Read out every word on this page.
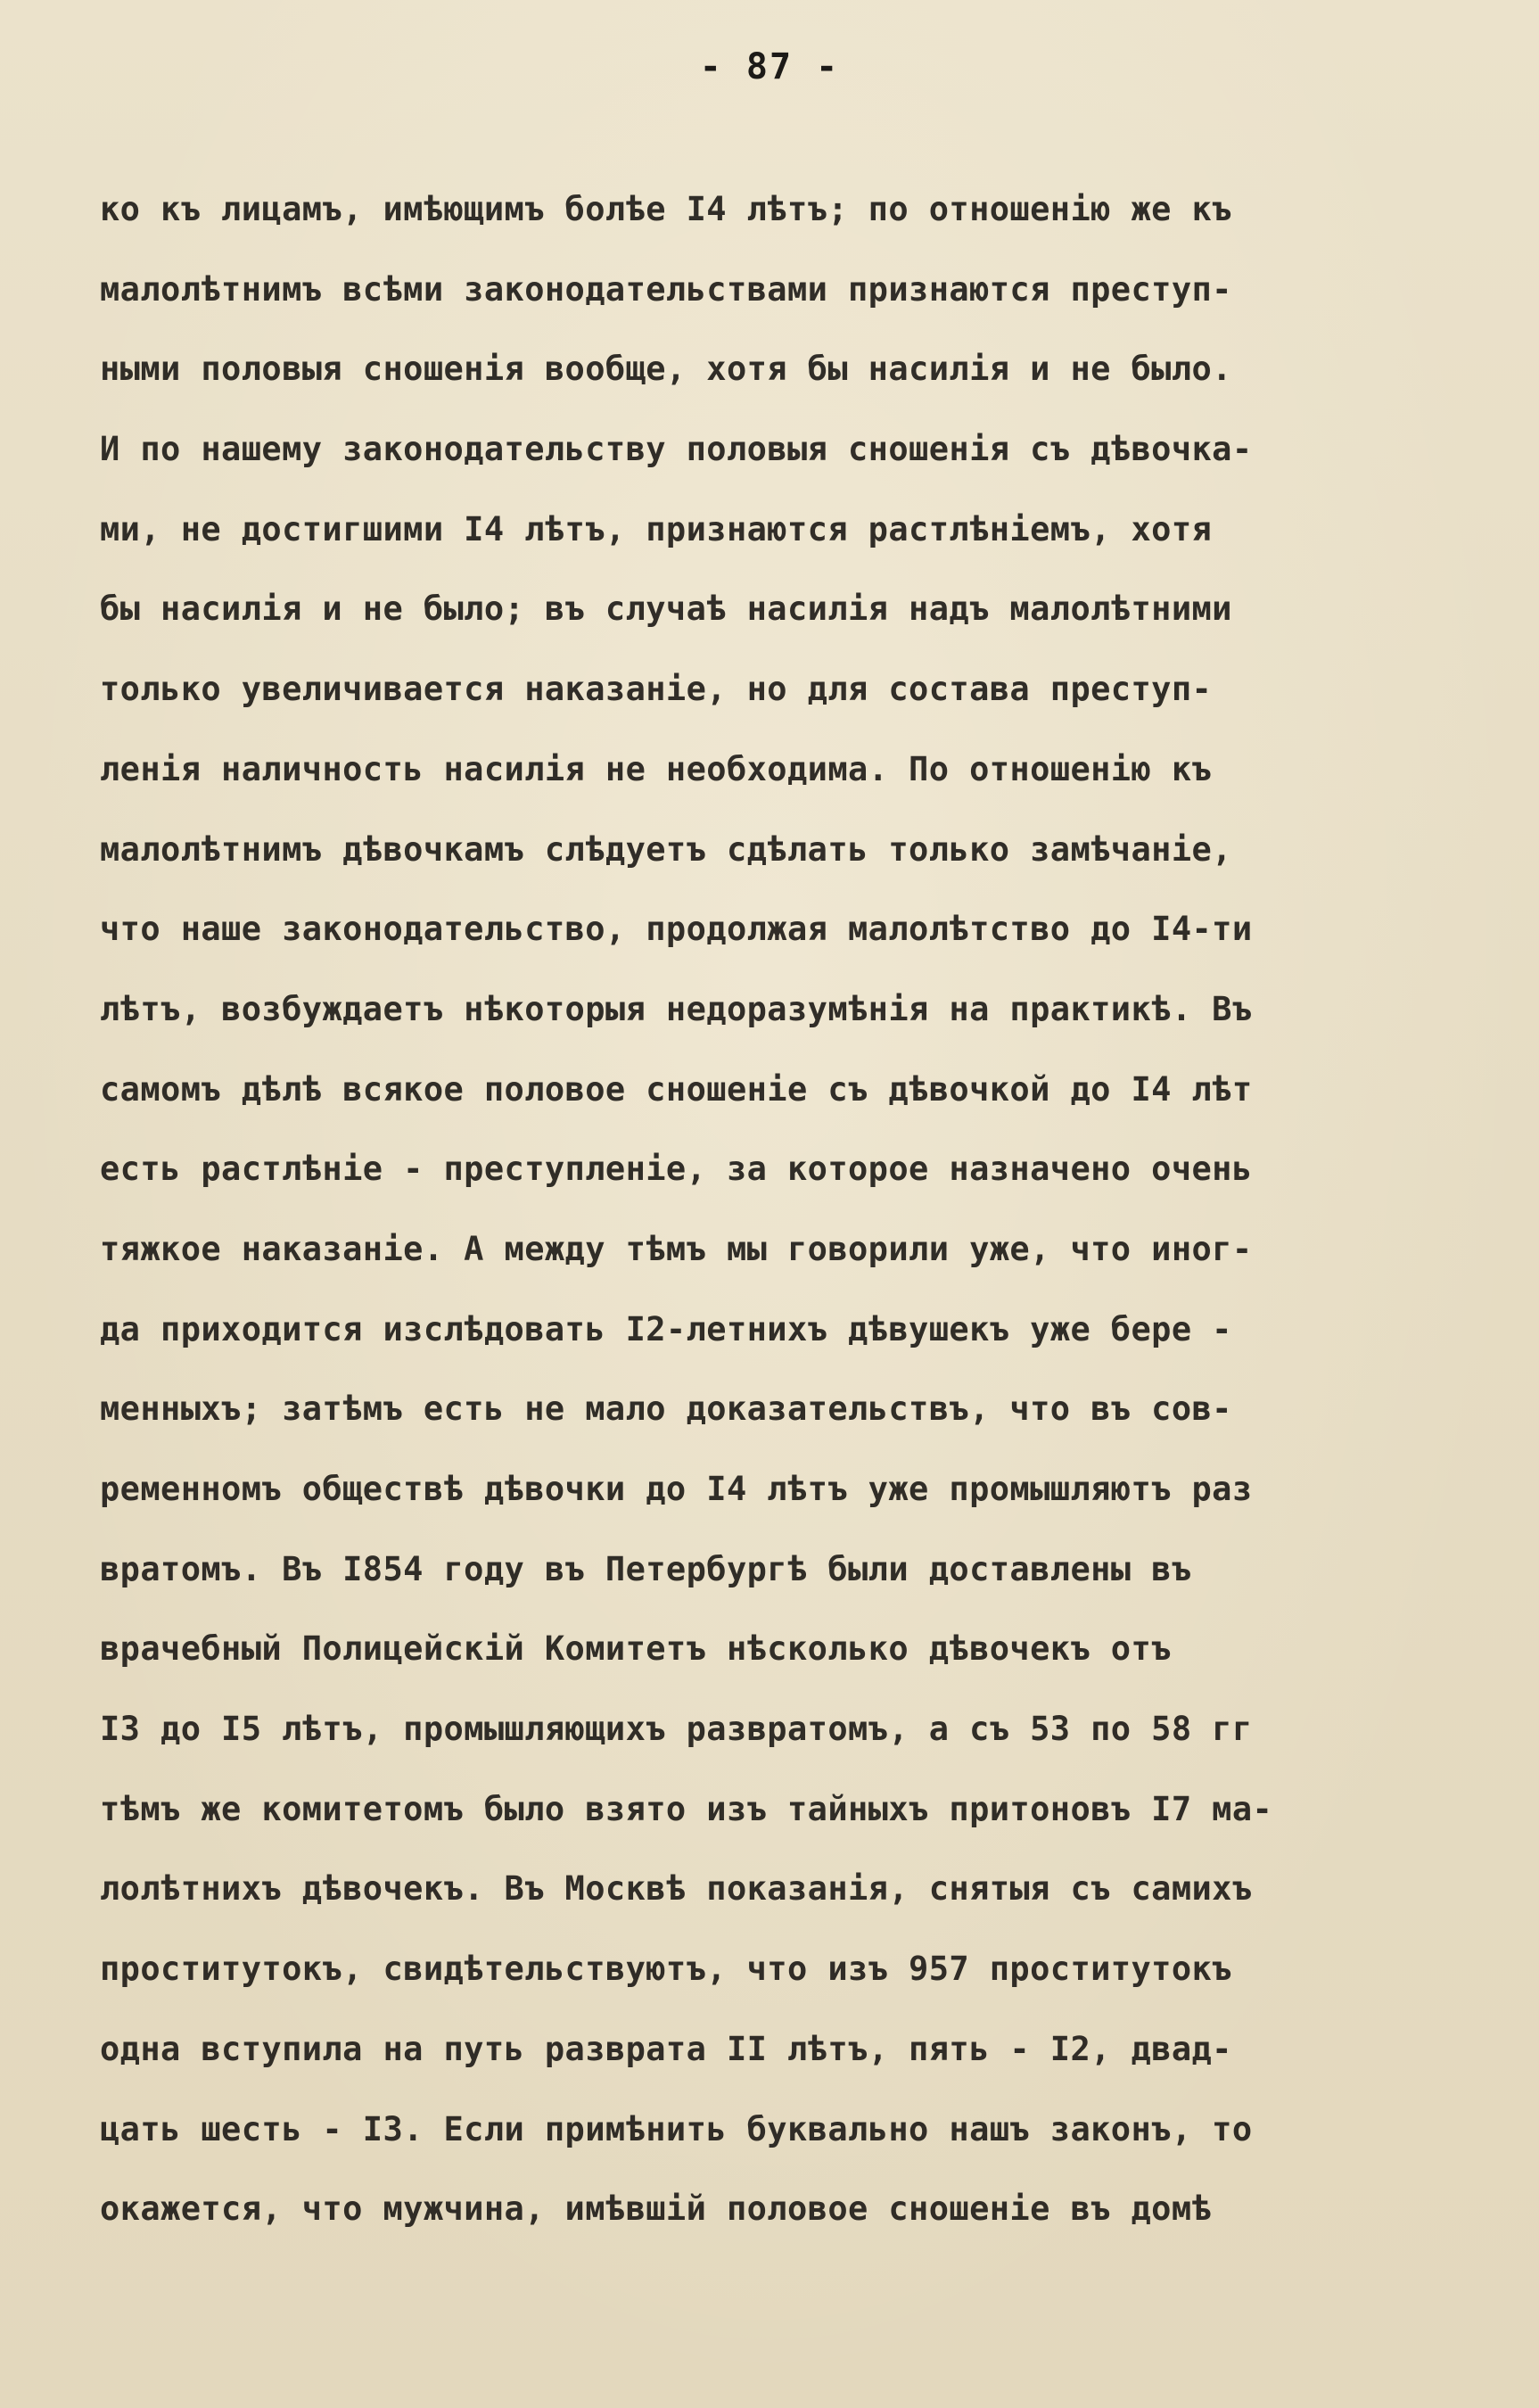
- 87 -
ко къ лицамъ, имѣющимъ болѣе I4 лѣтъ; по отношенію же къ
малолѣтнимъ всѣми законодательствами признаются преступ-
ными половыя сношенія вообще, хотя бы насилія и не было.
И по нашему законодательству половыя сношенія съ дѣвочка-
ми, не достигшими I4 лѣтъ, признаются растлѣніемъ, хотя
бы насилія и не было; въ случаѣ насилія надъ малолѣтними
только увеличивается наказаніе, но для состава преступ-
ленія наличность насилія не необходима. По отношенію къ
малолѣтнимъ дѣвочкамъ слѣдуетъ сдѣлать только замѣчаніе,
что наше законодательство, продолжая малолѣтство до I4-ти
лѣтъ, возбуждаетъ нѣкоторыя недоразумѣнія на практикѣ. Въ
самомъ дѣлѣ всякое половое сношеніе съ дѣвочкой до I4 лѣт
есть растлѣніе - преступленіе, за которое назначено очень
тяжкое наказаніе. А между тѣмъ мы говорили уже, что иног-
да приходится изслѣдовать I2-летнихъ дѣвушекъ уже бере -
менныхъ; затѣмъ есть не мало доказательствъ, что въ сов-
ременномъ обществѣ дѣвочки до I4 лѣтъ уже промышляютъ раз
вратомъ. Въ I854 году въ Петербургѣ были доставлены въ
врачебный Полицейскій Комитетъ нѣсколько дѣвочекъ отъ
I3 до I5 лѣтъ, промышляющихъ развратомъ, а съ 53 по 58 гг
тѣмъ же комитетомъ было взято изъ тайныхъ притоновъ I7 ма-
лолѣтнихъ дѣвочекъ. Въ Москвѣ показанія, снятыя съ самихъ
проститутокъ, свидѣтельствуютъ, что изъ 957 проститутокъ
одна вступила на путь разврата II лѣтъ, пять - I2, двад-
цать шесть - I3. Если примѣнить буквально нашъ законъ, то
окажется, что мужчина, имѣвшій половое сношеніе въ домѣ
